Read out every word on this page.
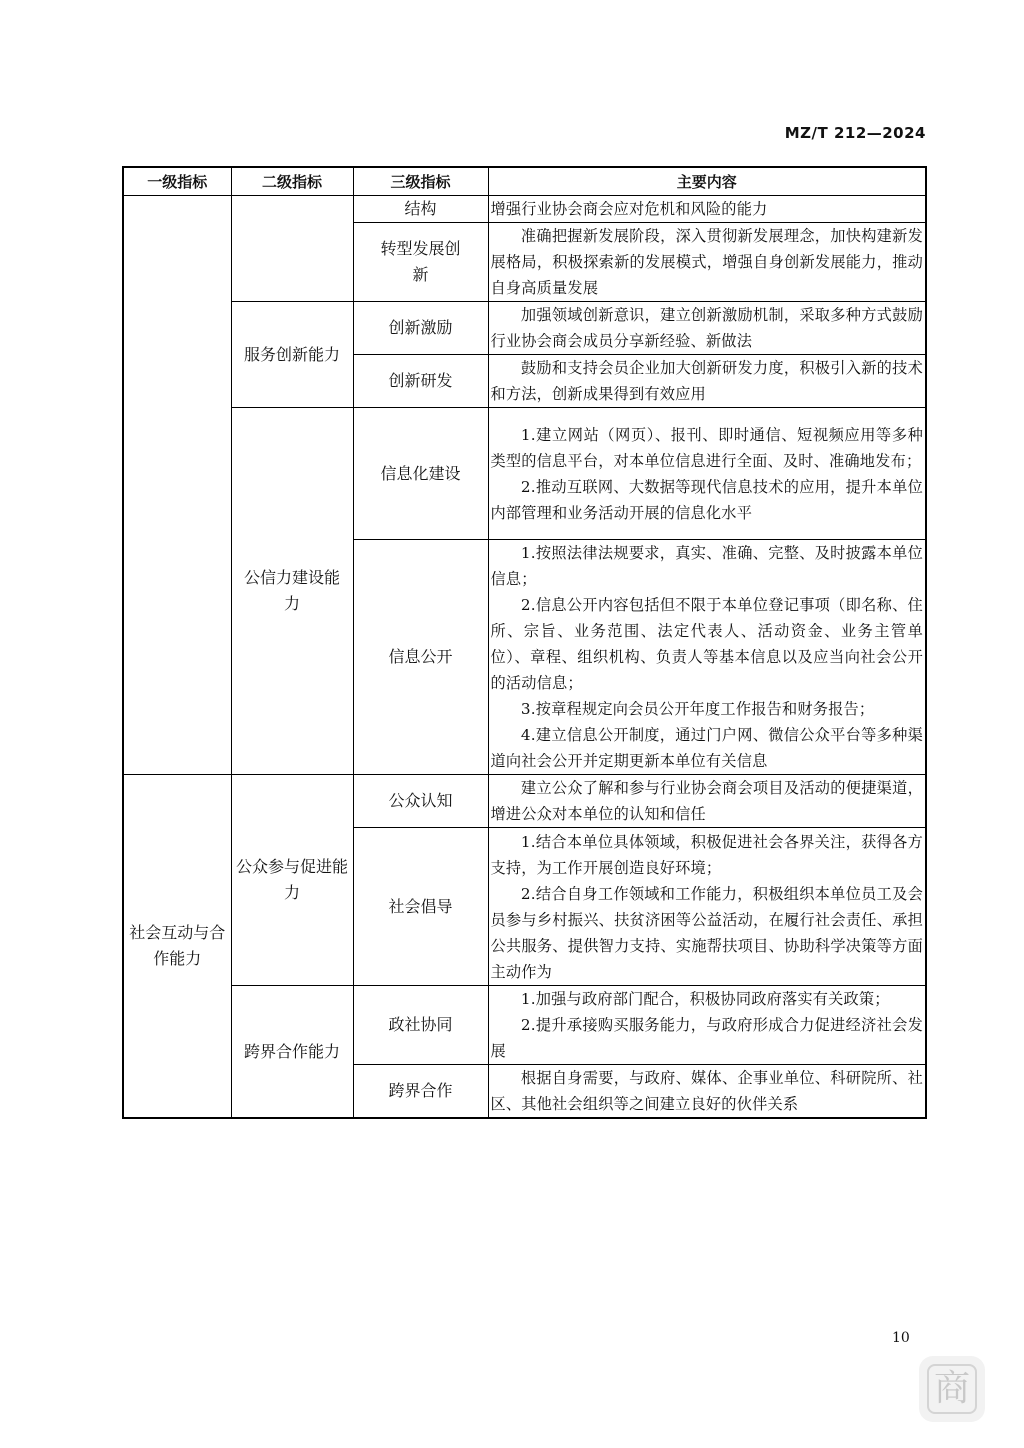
MZ/T 212—2024
一级指标	二级指标	三级指标	主要内容
		结构	增强行业协会商会应对危机和风险的能力

		转型发展创新	准确把握新发展阶段，深入贯彻新发展理念，加快构建新发展格局，积极探索新的发展模式，增强自身创新发展能力，推动自身高质量发展

	服务创新能力	创新激励	加强领域创新意识，建立创新激励机制，采取多种方式鼓励行业协会商会成员分享新经验、新做法

		创新研发	鼓励和支持会员企业加大创新研发力度，积极引入新的技术和方法，创新成果得到有效应用

	公信力建设能力	信息化建设	1.建立网站（网页）、报刊、即时通信、短视频应用等多种类型的信息平台，对本单位信息进行全面、及时、准确地发布；
2.推动互联网、大数据等现代信息技术的应用，提升本单位内部管理和业务活动开展的信息化水平

		信息公开	1.按照法律法规要求，真实、准确、完整、及时披露本单位信息；
2.信息公开内容包括但不限于本单位登记事项（即名称、住所、宗旨、业务范围、法定代表人、活动资金、业务主管单位）、章程、组织机构、负责人等基本信息以及应当向社会公开的活动信息；
3.按章程规定向会员公开年度工作报告和财务报告；
4.建立信息公开制度，通过门户网、微信公众平台等多种渠道向社会公开并定期更新本单位有关信息

社会互动与合作能力	公众参与促进能力	公众认知	建立公众了解和参与行业协会商会项目及活动的便捷渠道，增进公众对本单位的认知和信任

		社会倡导	1.结合本单位具体领域，积极促进社会各界关注，获得各方支持，为工作开展创造良好环境；
2.结合自身工作领域和工作能力，积极组织本单位员工及会员参与乡村振兴、扶贫济困等公益活动，在履行社会责任、承担公共服务、提供智力支持、实施帮扶项目、协助科学决策等方面主动作为

	跨界合作能力	政社协同	1.加强与政府部门配合，积极协同政府落实有关政策；
2.提升承接购买服务能力，与政府形成合力促进经济社会发展

		跨界合作	根据自身需要，与政府、媒体、企事业单位、科研院所、社区、其他社会组织等之间建立良好的伙伴关系
10
商
